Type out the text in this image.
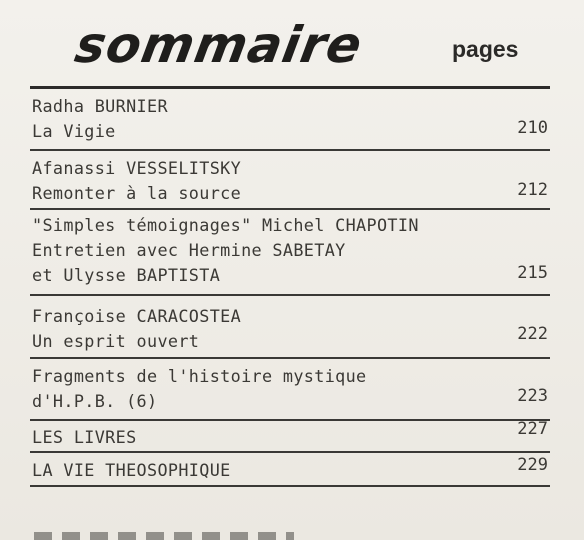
sommaire	pages
Radha BURNIER
La Vigie	210
Afanassi VESSELITSKY
Remonter à la source	212
"Simples témoignages" Michel CHAPOTIN
Entretien avec Hermine SABETAY
et Ulysse BAPTISTA	215
Françoise CARACOSTEA
Un esprit ouvert	222
Fragments de l'histoire mystique
d'H.P.B. (6)	223
LES LIVRES	227
LA VIE THEOSOPHIQUE	229
